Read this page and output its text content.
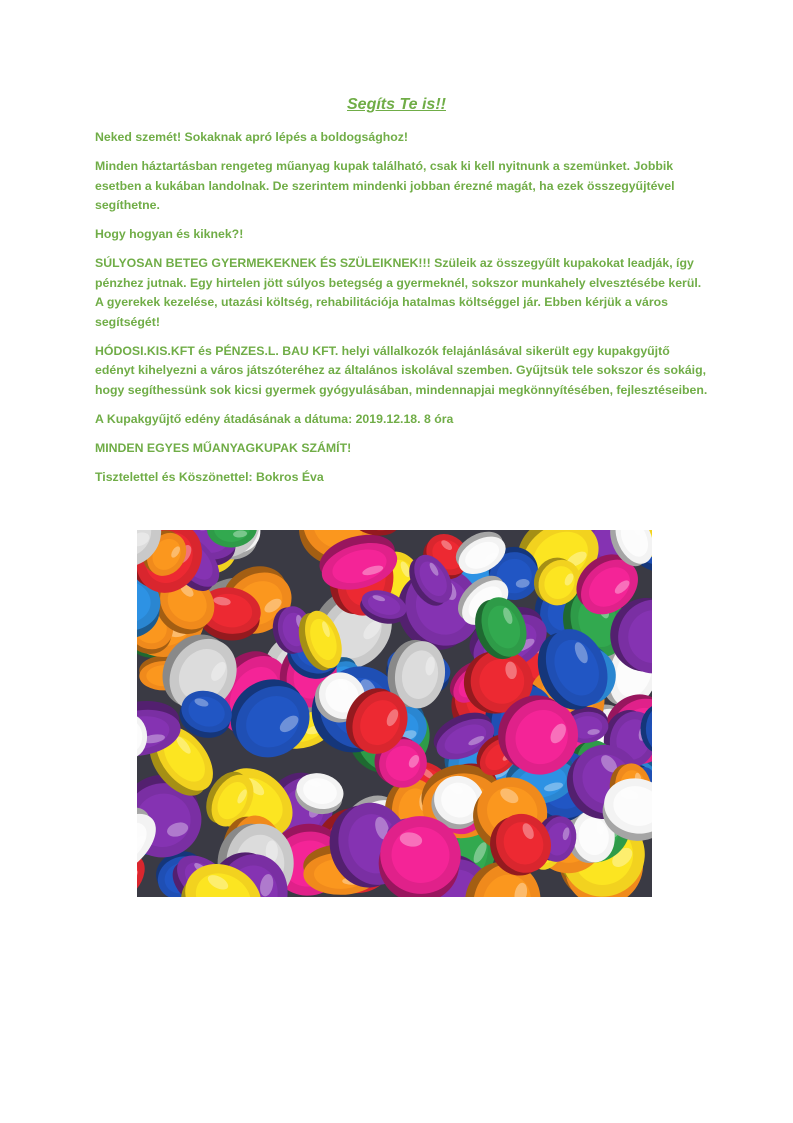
Segíts Te is!!

Neked szemét! Sokaknak apró lépés a boldogsághoz!

Minden háztartásban rengeteg műanyag kupak található, csak ki kell nyitnunk a szemünket. Jobbik esetben a kukában landolnak. De szerintem mindenki jobban érezné magát, ha ezek összegyűjtével segíthetne.

Hogy hogyan és kiknek?!

SÚLYOSAN BETEG GYERMEKEKNEK ÉS SZÜLEIKNEK!!! Szüleik az összegyűlt kupakokat leadják, így pénzhez jutnak. Egy hirtelen jött súlyos betegség a gyermeknél, sokszor munkahely elvesztésébe kerül. A gyerekek kezelése, utazási költség, rehabilitációja hatalmas költséggel jár. Ebben kérjük a város segítségét!

HÓDOSI.KIS.KFT és PÉNZES.L. BAU KFT. helyi vállalkozók felajánlásával sikerült egy kupakgyűjtő edényt kihelyezni a város játszóteréhez az általános iskolával szemben. Gyűjtsük tele sokszor és sokáig, hogy segíthessünk sok kicsi gyermek gyógyulásában, mindennapjai megkönnyítésében, fejlesztéseiben.

A Kupakgyűjtő edény átadásának a dátuma: 2019.12.18. 8 óra

MINDEN EGYES MŰANYAGKUPAK SZÁMÍT!

Tisztelettel és Köszönettel: Bokros Éva
